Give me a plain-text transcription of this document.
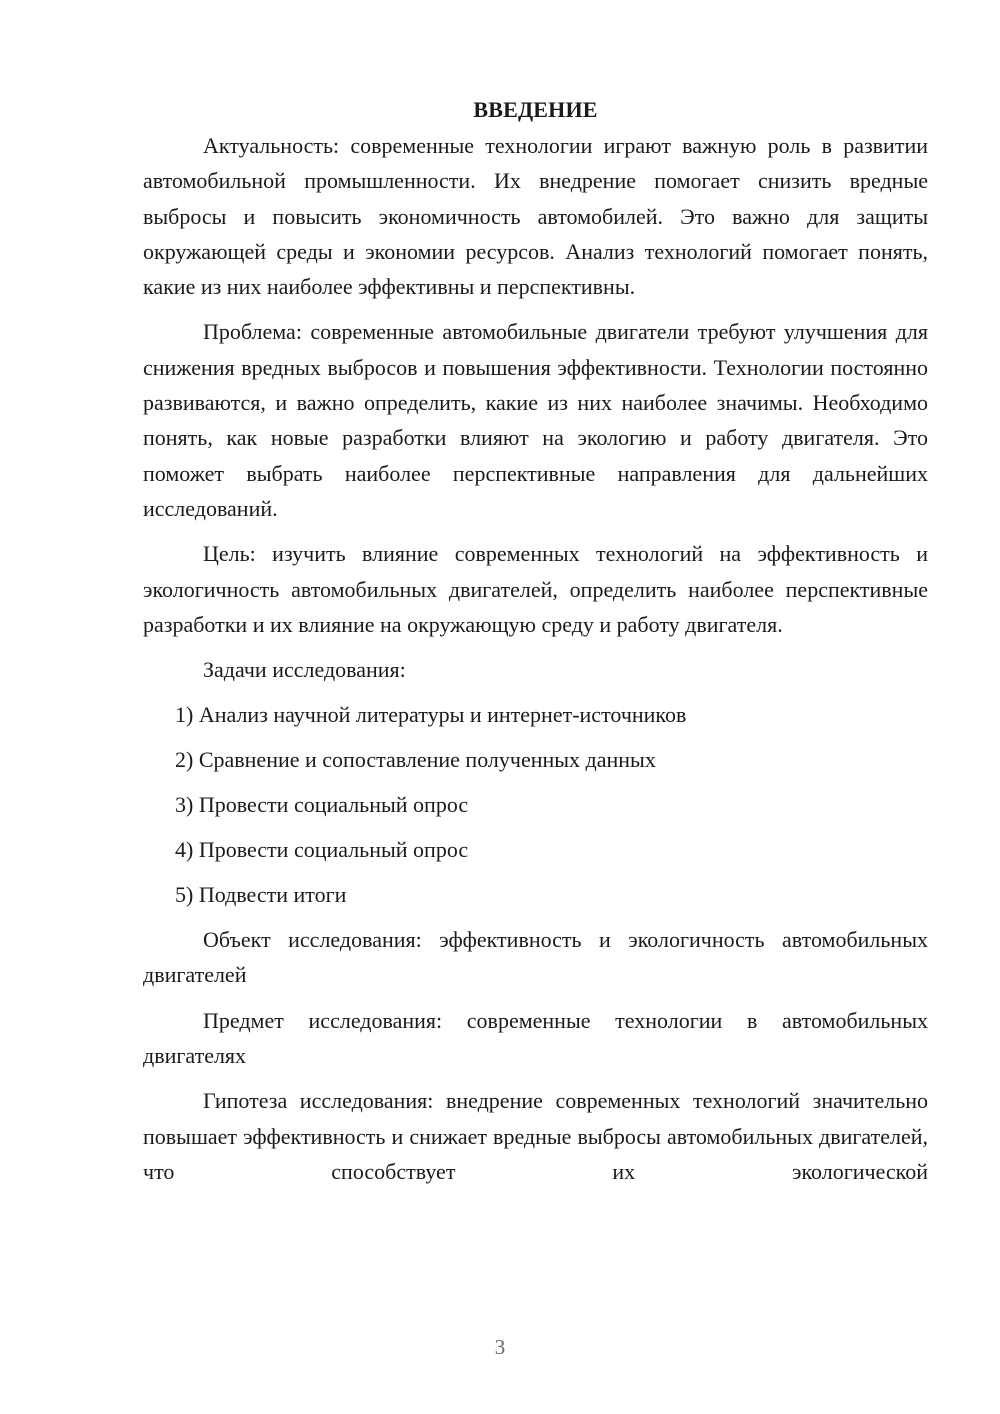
ВВЕДЕНИЕ

Актуальность: современные технологии играют важную роль в развитии автомобильной промышленности. Их внедрение помогает снизить вредные выбросы и повысить экономичность автомобилей. Это важно для защиты окружающей среды и экономии ресурсов. Анализ технологий помогает понять, какие из них наиболее эффективны и перспективны.

Проблема: современные автомобильные двигатели требуют улучшения для снижения вредных выбросов и повышения эффективности. Технологии постоянно развиваются, и важно определить, какие из них наиболее значимы. Необходимо понять, как новые разработки влияют на экологию и работу двигателя. Это поможет выбрать наиболее перспективные направления для дальнейших исследований.

Цель: изучить влияние современных технологий на эффективность и экологичность автомобильных двигателей, определить наиболее перспективные разработки и их влияние на окружающую среду и работу двигателя.

Задачи исследования:

1) Анализ научной литературы и интернет-источников

2) Сравнение и сопоставление полученных данных

3) Провести социальный опрос

4) Провести социальный опрос

5) Подвести итоги

Объект исследования: эффективность и экологичность автомобильных двигателей

Предмет исследования: современные технологии в автомобильных двигателях

Гипотеза исследования: внедрение современных технологий значительно повышает эффективность и снижает вредные выбросы автомобильных двигателей, что способствует их экологической

3
